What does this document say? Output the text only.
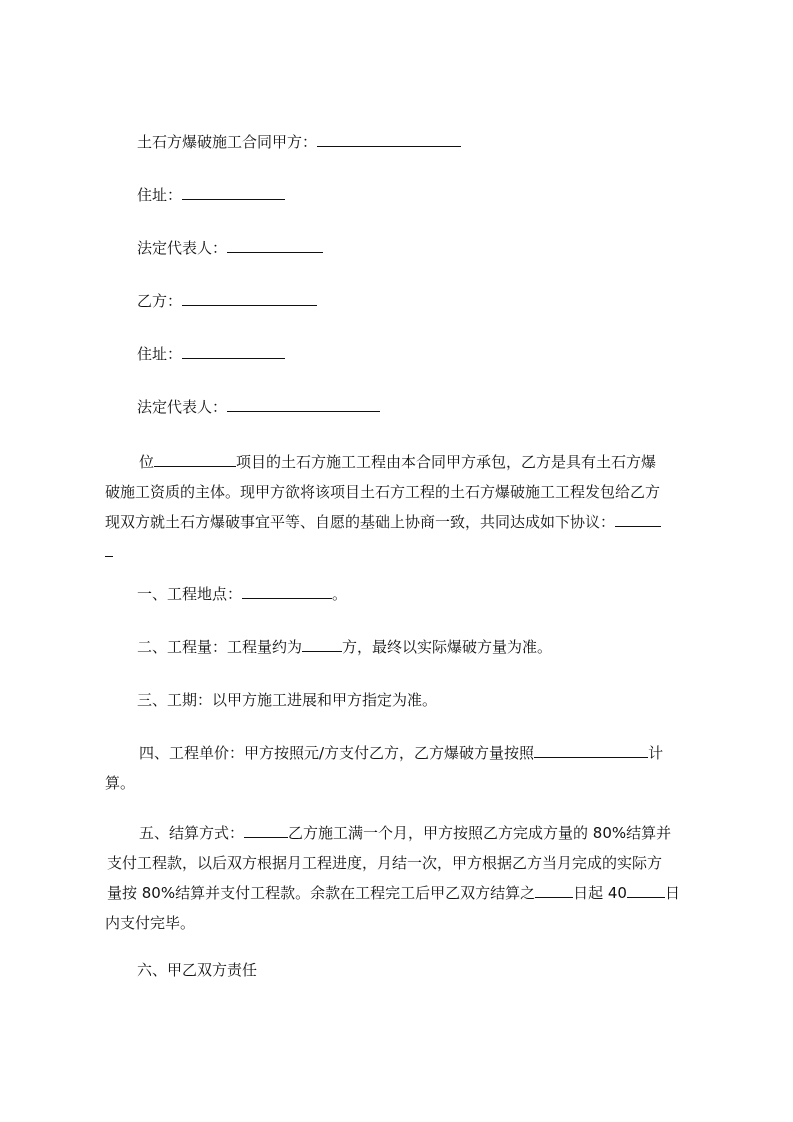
土石方爆破施工合同甲方：
住址：
法定代表人：
乙方：
住址：
法定代表人：
位	项目的土石方施工工程由本合同甲方承包，乙方是具有土石方爆
破施工资质的主体。现甲方欲将该项目土石方工程的土石方爆破施工工程发包给乙方
现双方就土石方爆破事宜平等、自愿的基础上协商一致，共同达成如下协议：
一、工程地点：	。
二、工程量：工程量约为	方，最终以实际爆破方量为准。
三、工期：以甲方施工进展和甲方指定为准。
四、工程单价：甲方按照元/方支付乙方，乙方爆破方量按照	计
算。
五、结算方式：	乙方施工满一个月，甲方按照乙方完成方量的 80%结算并
支付工程款，以后双方根据月工程进度，月结一次，甲方根据乙方当月完成的实际方
量按 80%结算并支付工程款。余款在工程完工后甲乙双方结算之	日起 40	日
内支付完毕。
六、甲乙双方责任
